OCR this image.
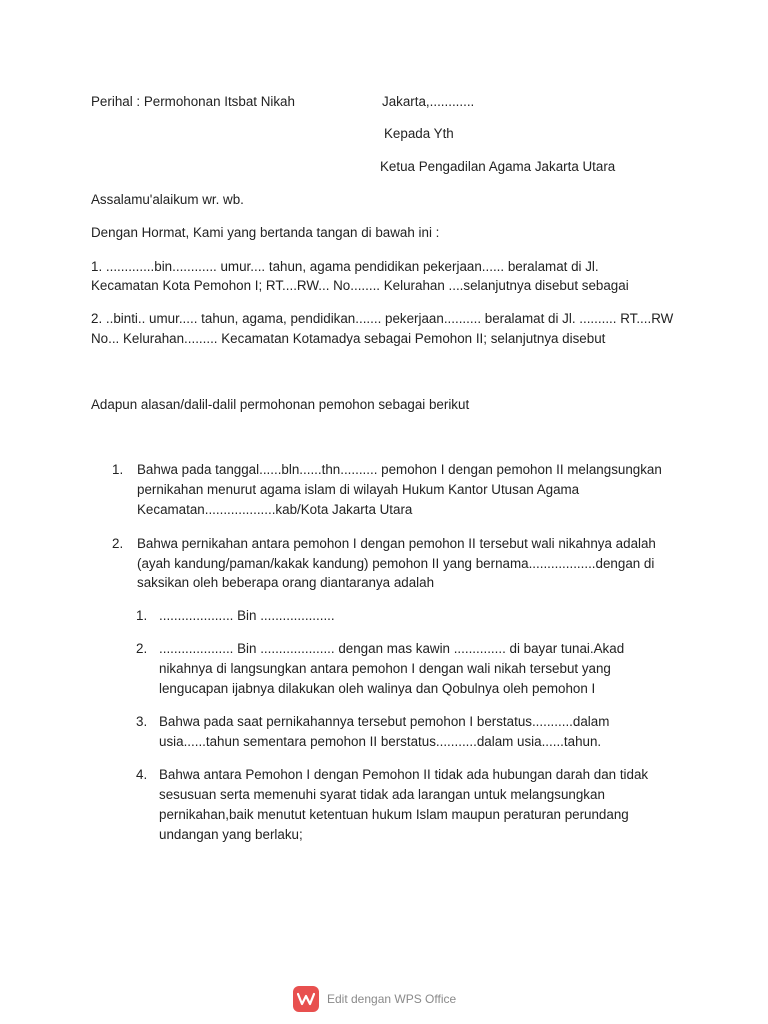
Perihal : Permohonan Itsbat Nikah	Jakarta,............
Kepada Yth
Ketua Pengadilan Agama Jakarta Utara
Assalamu'alaikum wr. wb.
Dengan Hormat, Kami yang bertanda tangan di bawah ini :
1. .............bin............ umur.... tahun, agama pendidikan pekerjaan...... beralamat di Jl.
Kecamatan Kota Pemohon I; RT....RW... No........ Kelurahan ....selanjutnya disebut sebagai
2. ..binti.. umur..... tahun, agama, pendidikan....... pekerjaan.......... beralamat di Jl. .......... RT....RW
No... Kelurahan......... Kecamatan Kotamadya sebagai Pemohon II; selanjutnya disebut
Adapun alasan/dalil-dalil permohonan pemohon sebagai berikut
1. Bahwa pada tanggal......bln......thn.......... pemohon I dengan pemohon II melangsungkan
pernikahan menurut agama islam di wilayah Hukum Kantor Utusan Agama
Kecamatan...................kab/Kota Jakarta Utara
2. Bahwa pernikahan antara pemohon I dengan pemohon II tersebut wali nikahnya adalah
(ayah kandung/paman/kakak kandung) pemohon II yang bernama..................dengan di
saksikan oleh beberapa orang diantaranya adalah
1. .................... Bin ....................
2. .................... Bin .................... dengan mas kawin .............. di bayar tunai.Akad
nikahnya di langsungkan antara pemohon I dengan wali nikah tersebut yang
lengucapan ijabnya dilakukan oleh walinya dan Qobulnya oleh pemohon I
3. Bahwa pada saat pernikahannya tersebut pemohon I berstatus...........dalam
usia......tahun sementara pemohon II berstatus...........dalam usia......tahun.
4. Bahwa antara Pemohon I dengan Pemohon II tidak ada hubungan darah dan tidak
sesusuan serta memenuhi syarat tidak ada larangan untuk melangsungkan
pernikahan,baik menutut ketentuan hukum Islam maupun peraturan perundang
undangan yang berlaku;
Edit dengan WPS Office
